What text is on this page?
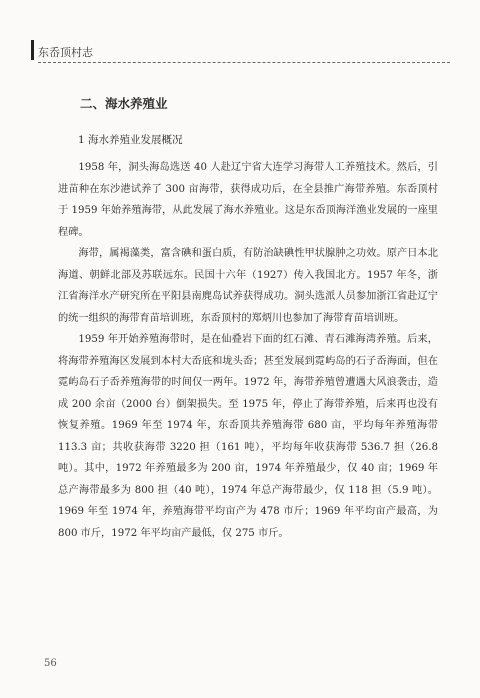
东岙顶村志
二、海水养殖业

1 海水养殖业发展概况

1958 年，洞头海岛选送 40 人赴辽宁省大连学习海带人工养殖技术。然后，引进苗种在东沙港试养了 300 亩海带，获得成功后，在全县推广海带养殖。东岙顶村于 1959 年始养殖海带，从此发展了海水养殖业。这是东岙顶海洋渔业发展的一座里程碑。

海带，属褐藻类，富含碘和蛋白质，有防治缺碘性甲状腺肿之功效。原产日本北海道、朝鲜北部及苏联远东。民国十六年（1927）传入我国北方。1957 年冬，浙江省海洋水产研究所在平阳县南麂岛试养获得成功。洞头选派人员参加浙江省赴辽宁的统一组织的海带育苗培训班，东岙顶村的郑炳川也参加了海带育苗培训班。

1959 年开始养殖海带时，是在仙叠岩下面的红石滩、青石滩海湾养殖。后来，将海带养殖海区发展到本村大岙底和垅头岙；甚至发展到霓屿岛的石子岙海面，但在霓屿岛石子岙养殖海带的时间仅一两年。1972 年，海带养殖曾遭遇大风浪袭击，造成 200 余亩（2000 台）倒架损失。至 1975 年，停止了海带养殖，后来再也没有恢复养殖。1969 年至 1974 年，东岙顶共养殖海带 680 亩，平均每年养殖海带 113.3 亩；共收获海带 3220 担（161 吨），平均每年收获海带 536.7 担（26.8 吨）。其中，1972 年养殖最多为 200 亩，1974 年养殖最少，仅 40 亩；1969 年总产海带最多为 800 担（40 吨），1974 年总产海带最少，仅 118 担（5.9 吨）。1969 年至 1974 年，养殖海带平均亩产为 478 市斤；1969 年平均亩产最高，为 800 市斤，1972 年平均亩产最低，仅 275 市斤。

56
